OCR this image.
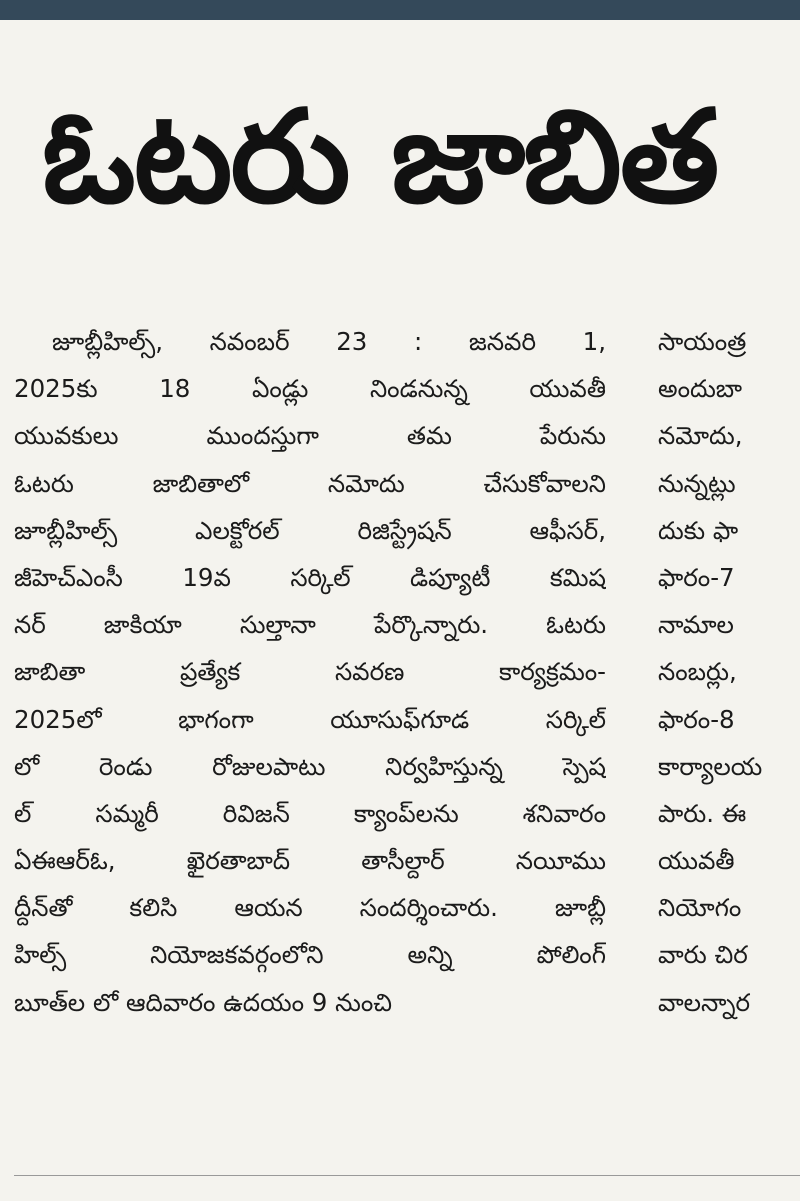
ఓటరు జాబిత
జూబ్లీహిల్స్, నవంబర్ 23 : జనవరి 1,
2025కు 18 ఏండ్లు నిండనున్న యువతీ
యువకులు ముందస్తుగా తమ పేరును
ఓటరు జాబితాలో నమోదు చేసుకోవాలని
జూబ్లీహిల్స్ ఎలక్టోరల్ రిజిస్ట్రేషన్ ఆఫీసర్,
జీహెచ్ఎంసీ 19వ సర్కిల్ డిప్యూటీ కమిష
నర్ జాకియా సుల్తానా పేర్కొన్నారు. ఓటరు
జాబితా ప్రత్యేక సవరణ కార్యక్రమం-
2025లో భాగంగా యూసుఫ్‌గూడ సర్కిల్
లో రెండు రోజులపాటు నిర్వహిస్తున్న స్పెష
ల్ సమ్మరీ రివిజన్ క్యాంప్‌లను శనివారం
ఏఈఆర్ఓ, ఖైరతాబాద్ తాసీల్దార్ నయీము
ద్దీన్‌తో కలిసి ఆయన సందర్శించారు. జూబ్లీ
హిల్స్ నియోజకవర్గంలోని అన్ని పోలింగ్
బూత్‌ల లో ఆదివారం ఉదయం 9 నుంచి
సాయంత్ర
అందుబా
నమోదు,
నున్నట్లు
దుకు ఫా
ఫారం-7
నామాల
నంబర్లు,
ఫారం-8
కార్యాలయ
పారు. ఈ
యువతీ
నియోగం
వారు చిర
వాలన్నార
